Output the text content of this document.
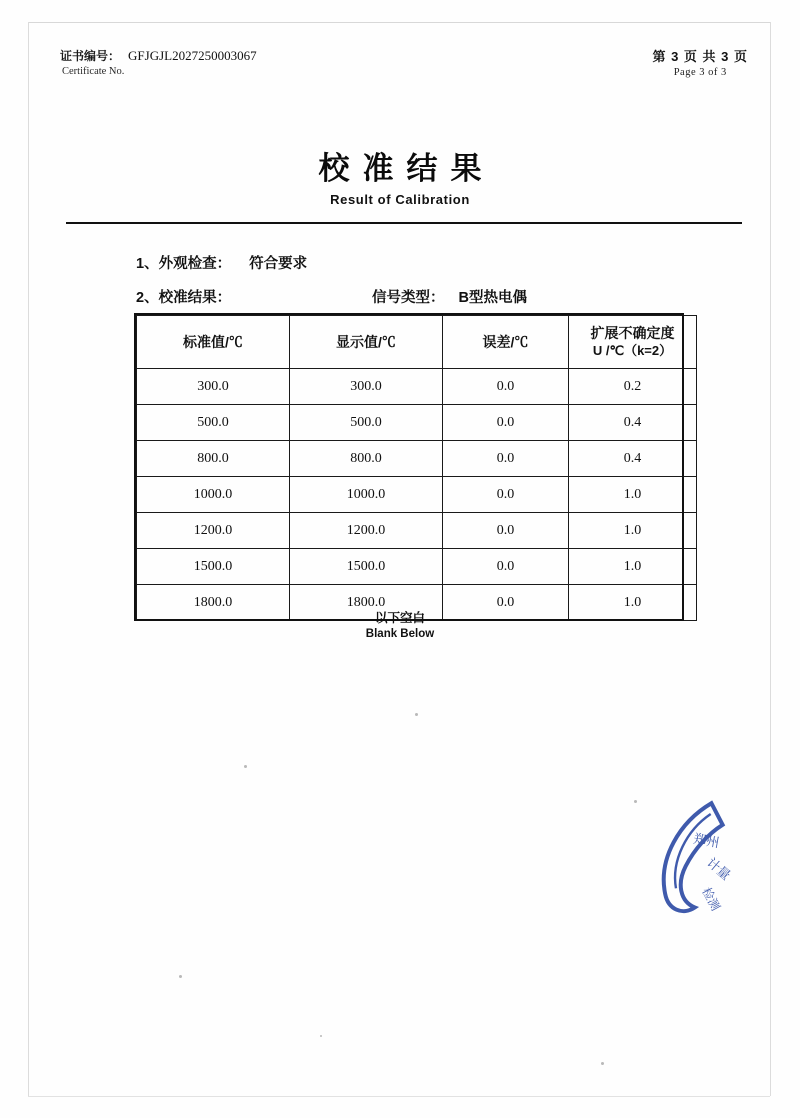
证书编号： GFJGJL2027250003067
Certificate No.
第 3 页 共 3 页
Page 3 of 3
校准结果
Result of Calibration
1、外观检查： 符合要求
2、校准结果：	信号类型： B型热电偶
标准值/℃	显示值/℃	误差/℃	扩展不确定度
U /℃（k=2）

300.0	300.0	0.0	0.2
500.0	500.0	0.0	0.4
800.0	800.0	0.0	0.4
1000.0	1000.0	0.0	1.0
1200.0	1200.0	0.0	1.0
1500.0	1500.0	0.0	1.0
1800.0	1800.0	0.0	1.0
以下空白
Blank Below
郑州
计量
检测
